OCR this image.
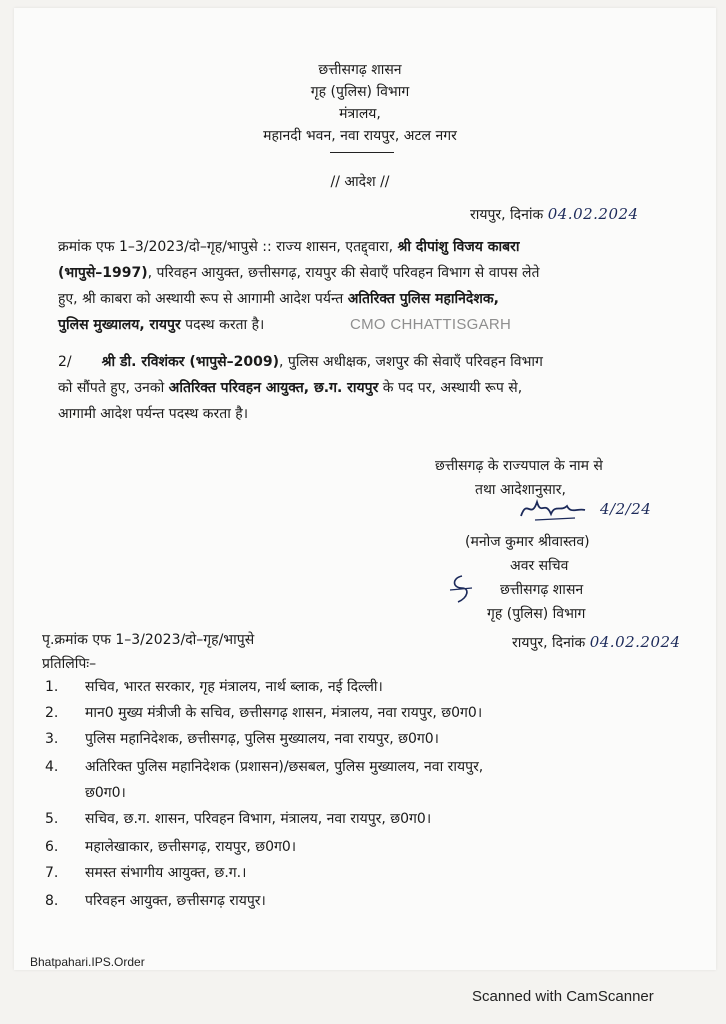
छत्तीसगढ़ शासन
गृह (पुलिस) विभाग
मंत्रालय,
महानदी भवन, नवा रायपुर, अटल नगर
// आदेश //
रायपुर, दिनांक 04.02.2024
क्रमांक एफ 1–3/2023/दो–गृह/भापुसे :: राज्य शासन, एतद्द्वारा, श्री दीपांशु विजय काबरा
(भापुसे–1997), परिवहन आयुक्त, छत्तीसगढ़, रायपुर की सेवाएँ परिवहन विभाग से वापस लेते
हुए, श्री काबरा को अस्थायी रूप से आगामी आदेश पर्यन्त अतिरिक्त पुलिस महानिदेशक,
पुलिस मुख्यालय, रायपुर पदस्थ करता है।	CMO CHHATTISGARH
2/ श्री डी. रविशंकर (भापुसे–2009), पुलिस अधीक्षक, जशपुर की सेवाएँ परिवहन विभाग
को सौंपते हुए, उनको अतिरिक्त परिवहन आयुक्त, छ.ग. रायपुर के पद पर, अस्थायी रूप से,
आगामी आदेश पर्यन्त पदस्थ करता है।
छत्तीसगढ़ के राज्यपाल के नाम से
तथा आदेशानुसार,
4/2/24
(मनोज कुमार श्रीवास्तव)
अवर सचिव
छत्तीसगढ़ शासन
गृह (पुलिस) विभाग
पृ.क्रमांक एफ 1–3/2023/दो–गृह/भापुसे	रायपुर, दिनांक 04.02.2024
प्रतिलिपिः–
1. सचिव, भारत सरकार, गृह मंत्रालय, नार्थ ब्लाक, नई दिल्ली।
2. मान0 मुख्य मंत्रीजी के सचिव, छत्तीसगढ़ शासन, मंत्रालय, नवा रायपुर, छ0ग0।
3. पुलिस महानिदेशक, छत्तीसगढ़, पुलिस मुख्यालय, नवा रायपुर, छ0ग0।
4. अतिरिक्त पुलिस महानिदेशक (प्रशासन)/छसबल, पुलिस मुख्यालय, नवा रायपुर,
छ0ग0।
5. सचिव, छ.ग. शासन, परिवहन विभाग, मंत्रालय, नवा रायपुर, छ0ग0।
6. महालेखाकार, छत्तीसगढ़, रायपुर, छ0ग0।
7. समस्त संभागीय आयुक्त, छ.ग.।
8. परिवहन आयुक्त, छत्तीसगढ़ रायपुर।
Bhatpahari.IPS.Order
Scanned with CamScanner
